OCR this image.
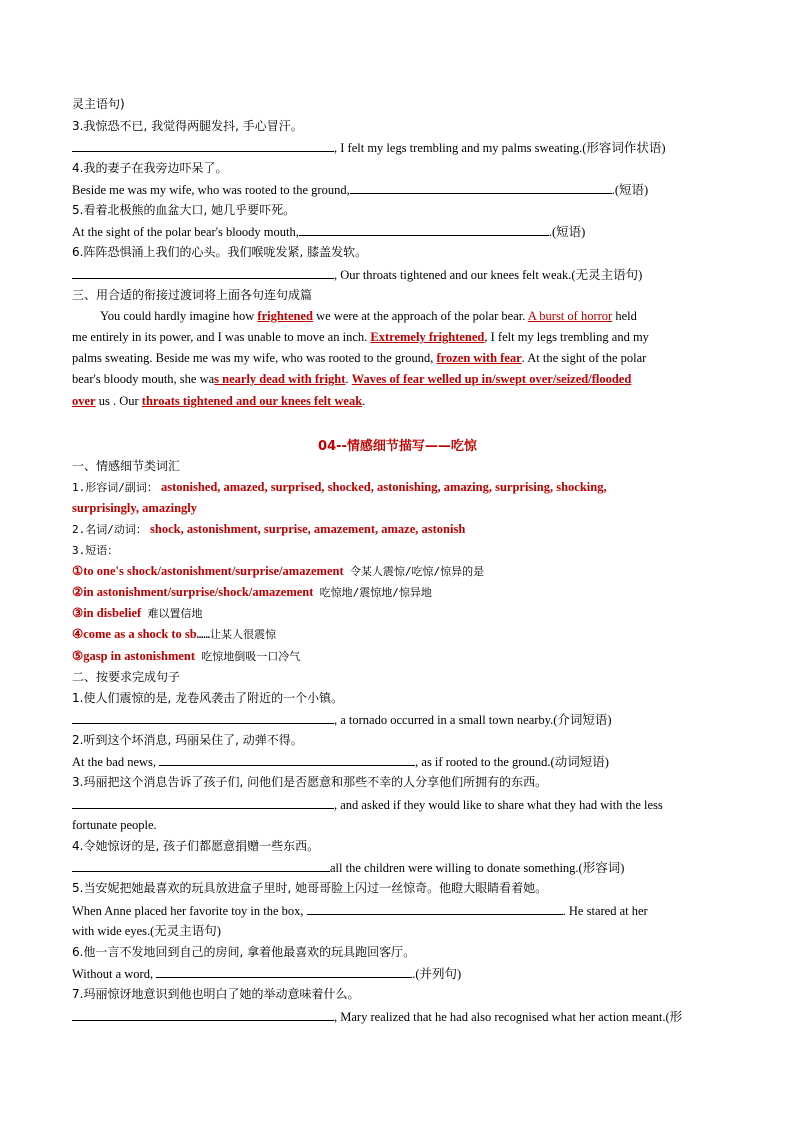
灵主语句)
3.我惊恐不已, 我觉得两腿发抖, 手心冒汗。
, I felt my legs trembling and my palms sweating.(形容词作状语)
4.我的妻子在我旁边吓呆了。
Beside me was my wife, who was rooted to the ground,	.(短语)
5.看着北极熊的血盆大口, 她几乎要吓死。
At the sight of the polar bear's bloody mouth,	.(短语)
6.阵阵恐惧涌上我们的心头。我们喉咙发紧, 膝盖发软。
, Our throats tightened and our knees felt weak.(无灵主语句)
三、用合适的衔接过渡词将上面各句连句成篇
You could hardly imagine how frightened we were at the approach of the polar bear. A burst of horror held
me entirely in its power, and I was unable to move an inch. Extremely frightened, I felt my legs trembling and my
palms sweating. Beside me was my wife, who was rooted to the ground, frozen with fear. At the sight of the polar
bear's bloody mouth, she was nearly dead with fright. Waves of fear welled up in/swept over/seized/flooded
over us . Our throats tightened and our knees felt weak.
04--情感细节描写——吃惊
一、情感细节类词汇
1.形容词/副词： astonished, amazed, surprised, shocked, astonishing, amazing, surprising, shocking,
surprisingly, amazingly
2.名词/动词： shock, astonishment, surprise, amazement, amaze, astonish
3.短语：
①to one's shock/astonishment/surprise/amazement 令某人震惊/吃惊/惊异的是
②in astonishment/surprise/shock/amazement 吃惊地/震惊地/惊异地
③in disbelief 难以置信地
④come as a shock to sb……让某人很震惊
⑤gasp in astonishment 吃惊地倒吸一口冷气
二、按要求完成句子
1.使人们震惊的是, 龙卷风袭击了附近的一个小镇。
, a tornado occurred in a small town nearby.(介词短语)
2.听到这个坏消息, 玛丽呆住了, 动弹不得。
At the bad news,	, as if rooted to the ground.(动词短语)
3.玛丽把这个消息告诉了孩子们, 问他们是否愿意和那些不幸的人分享他们所拥有的东西。
, and asked if they would like to share what they had with the less
fortunate people.
4.令她惊讶的是, 孩子们都愿意捐赠一些东西。
all the children were willing to donate something.(形容词)
5.当安妮把她最喜欢的玩具放进盒子里时, 她哥哥脸上闪过一丝惊奇。他瞪大眼睛看着她。
When Anne placed her favorite toy in the box,	. He stared at her
with wide eyes.(无灵主语句)
6.他一言不发地回到自己的房间, 拿着他最喜欢的玩具跑回客厅。
Without a word,	.(并列句)
7.玛丽惊讶地意识到他也明白了她的举动意味着什么。
, Mary realized that he had also recognised what her action meant.(形
